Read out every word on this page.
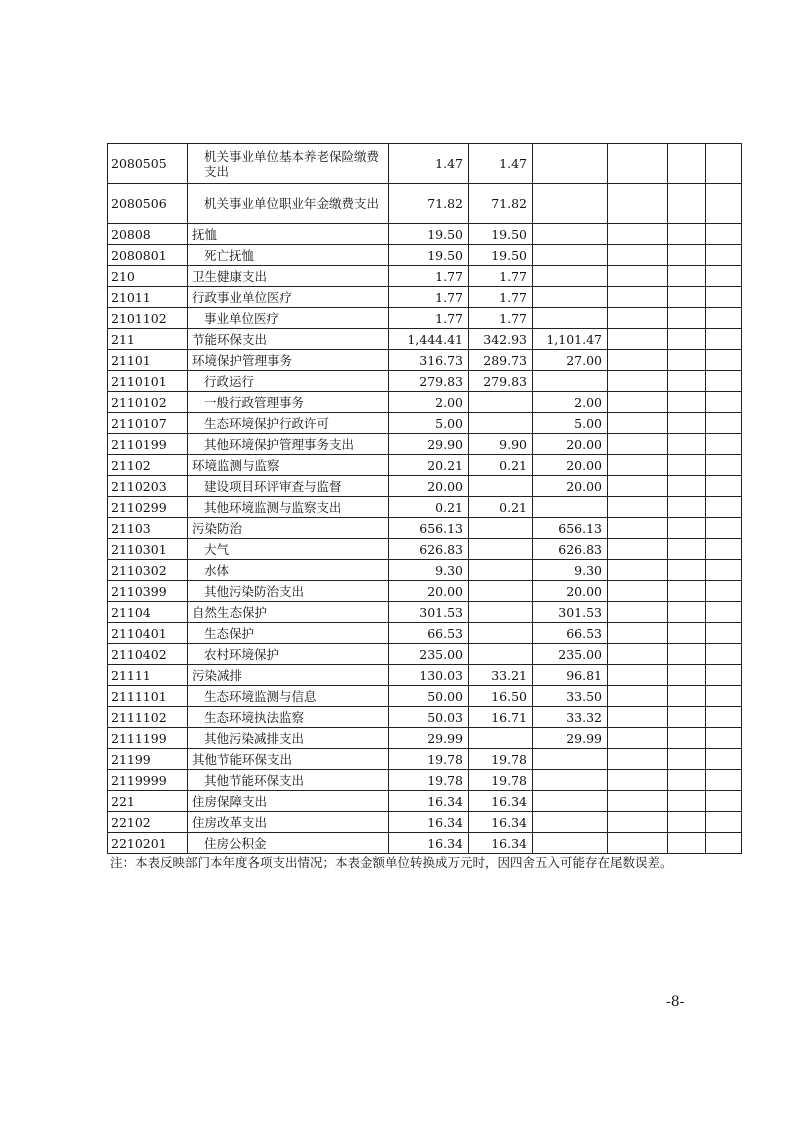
2080505	机关事业单位基本养老保险缴费支出	1.47	1.47				
2080506	机关事业单位职业年金缴费支出	71.82	71.82				
20808	抚恤	19.50	19.50				
2080801	死亡抚恤	19.50	19.50				
210	卫生健康支出	1.77	1.77				
21011	行政事业单位医疗	1.77	1.77				
2101102	事业单位医疗	1.77	1.77				
211	节能环保支出	1,444.41	342.93	1,101.47			
21101	环境保护管理事务	316.73	289.73	27.00			
2110101	行政运行	279.83	279.83				
2110102	一般行政管理事务	2.00		2.00			
2110107	生态环境保护行政许可	5.00		5.00			
2110199	其他环境保护管理事务支出	29.90	9.90	20.00			
21102	环境监测与监察	20.21	0.21	20.00			
2110203	建设项目环评审查与监督	20.00		20.00			
2110299	其他环境监测与监察支出	0.21	0.21				
21103	污染防治	656.13		656.13			
2110301	大气	626.83		626.83			
2110302	水体	9.30		9.30			
2110399	其他污染防治支出	20.00		20.00			
21104	自然生态保护	301.53		301.53			
2110401	生态保护	66.53		66.53			
2110402	农村环境保护	235.00		235.00			
21111	污染减排	130.03	33.21	96.81			
2111101	生态环境监测与信息	50.00	16.50	33.50			
2111102	生态环境执法监察	50.03	16.71	33.32			
2111199	其他污染减排支出	29.99		29.99			
21199	其他节能环保支出	19.78	19.78				
2119999	其他节能环保支出	19.78	19.78				
221	住房保障支出	16.34	16.34				
22102	住房改革支出	16.34	16.34				
2210201	住房公积金	16.34	16.34				
注：本表反映部门本年度各项支出情况；本表金额单位转换成万元时，因四舍五入可能存在尾数误差。
-8-
